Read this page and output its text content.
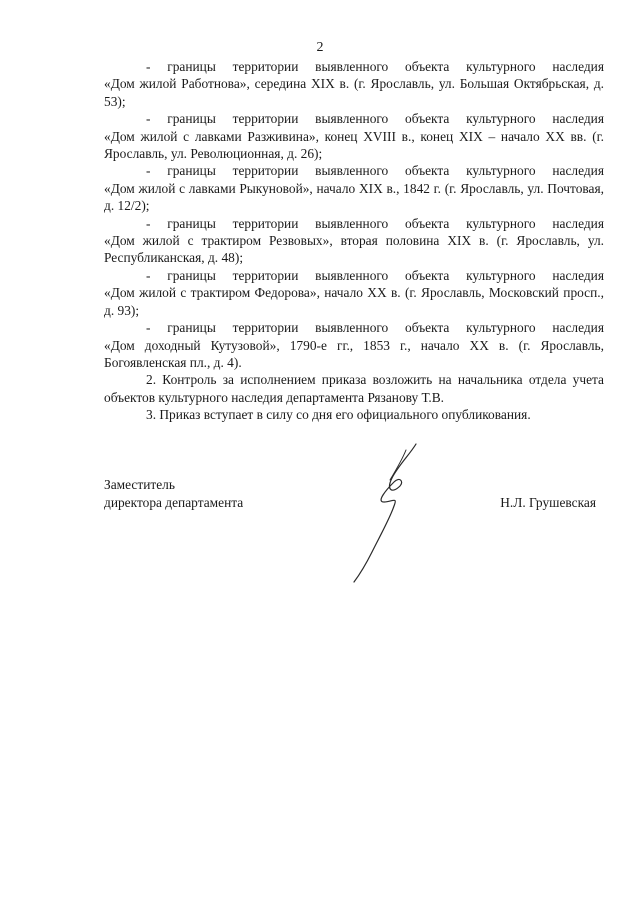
2

- границы территории выявленного объекта культурного наследия
«Дом жилой Работнова», середина XIX в. (г. Ярославль, ул. Большая Октябрьская, д. 53);

- границы территории выявленного объекта культурного наследия
«Дом жилой с лавками Разживина», конец XVIII в., конец XIX – начало XX вв. (г. Ярославль, ул. Революционная, д. 26);

- границы территории выявленного объекта культурного наследия
«Дом жилой с лавками Рыкуновой», начало XIX в., 1842 г. (г. Ярославль, ул. Почтовая, д. 12/2);

- границы территории выявленного объекта культурного наследия
«Дом жилой с трактиром Резвовых», вторая половина XIX в. (г. Ярославль, ул. Республиканская, д. 48);

- границы территории выявленного объекта культурного наследия
«Дом жилой с трактиром Федорова», начало XX в. (г. Ярославль, Московский просп., д. 93);

- границы территории выявленного объекта культурного наследия
«Дом доходный Кутузовой», 1790-е гг., 1853 г., начало XX в. (г. Ярославль, Богоявленская пл., д. 4).

2. Контроль за исполнением приказа возложить на начальника отдела учета объектов культурного наследия департамента Рязанову Т.В.

3. Приказ вступает в силу со дня его официального опубликования.

Заместитель
директора департамента	Н.Л. Грушевская
